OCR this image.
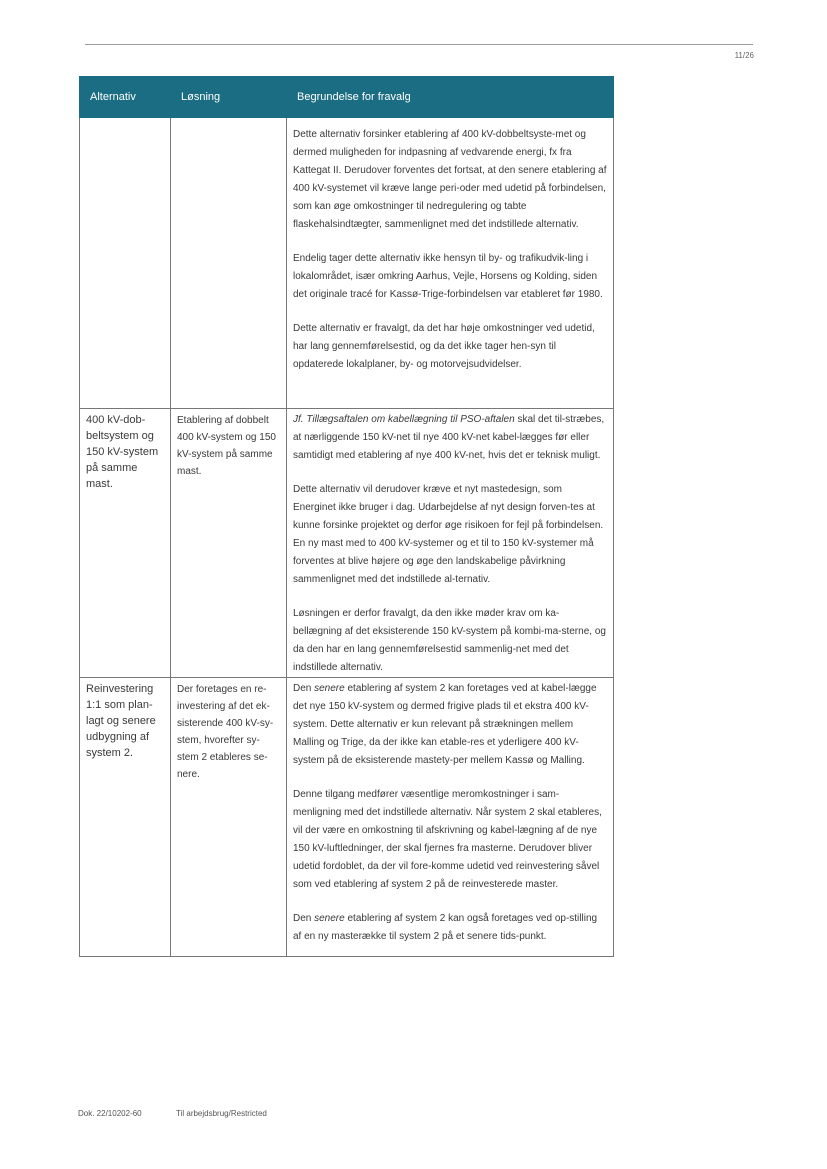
11/26
Alternativ	Løsning	Begrundelse for fravalg

		Dette alternativ forsinker etablering af 400 kV-dobbeltsyste-met og dermed muligheden for indpasning af vedvarende energi, fx fra Kattegat II. Derudover forventes det fortsat, at den senere etablering af 400 kV-systemet vil kræve lange peri-oder med udetid på forbindelsen, som kan øge omkostninger til nedregulering og tabte flaskehalsindtægter, sammenlignet med det indstillede alternativ.

Endelig tager dette alternativ ikke hensyn til by- og trafikudvik-ling i lokalområdet, især omkring Aarhus, Vejle, Horsens og Kolding, siden det originale tracé for Kassø-Trige-forbindelsen var etableret før 1980.

Dette alternativ er fravalgt, da det har høje omkostninger ved udetid, har lang gennemførelsestid, og da det ikke tager hen-syn til opdaterede lokalplaner, by- og motorvejsudvidelser.

400 kV-dob-beltsystem og 150 kV-system på samme mast.	Etablering af dobbelt 400 kV-system og 150 kV-system på samme mast.	Jf. Tillægsaftalen om kabellægning til PSO-aftalen skal det til-stræbes, at nærliggende 150 kV-net til nye 400 kV-net kabel-lægges før eller samtidigt med etablering af nye 400 kV-net, hvis det er teknisk muligt.

Dette alternativ vil derudover kræve et nyt mastedesign, som Energinet ikke bruger i dag. Udarbejdelse af nyt design forven-tes at kunne forsinke projektet og derfor øge risikoen for fejl på forbindelsen. En ny mast med to 400 kV-systemer og et til to 150 kV-systemer må forventes at blive højere og øge den landskabelige påvirkning sammenlignet med det indstillede al-ternativ.

Løsningen er derfor fravalgt, da den ikke møder krav om ka-bellægning af det eksisterende 150 kV-system på kombi-ma-sterne, og da den har en lang gennemførelsestid sammenlig-net med det indstillede alternativ.

Reinvestering 1:1 som plan-lagt og senere udbygning af system 2.	Der foretages en re-investering af det ek-sisterende 400 kV-sy-stem, hvorefter sy-stem 2 etableres se-nere.	Den senere etablering af system 2 kan foretages ved at kabel-lægge det nye 150 kV-system og dermed frigive plads til et ekstra 400 kV-system. Dette alternativ er kun relevant på strækningen mellem Malling og Trige, da der ikke kan etable-res et yderligere 400 kV-system på de eksisterende mastety-per mellem Kassø og Malling.

Denne tilgang medfører væsentlige meromkostninger i sam-menligning med det indstillede alternativ. Når system 2 skal etableres, vil der være en omkostning til afskrivning og kabel-lægning af de nye 150 kV-luftledninger, der skal fjernes fra masterne. Derudover bliver udetid fordoblet, da der vil fore-komme udetid ved reinvestering såvel som ved etablering af system 2 på de reinvesterede master.

Den senere etablering af system 2 kan også foretages ved op-stilling af en ny masterække til system 2 på et senere tids-punkt.

Dok. 22/10202-60	Til arbejdsbrug/Restricted
